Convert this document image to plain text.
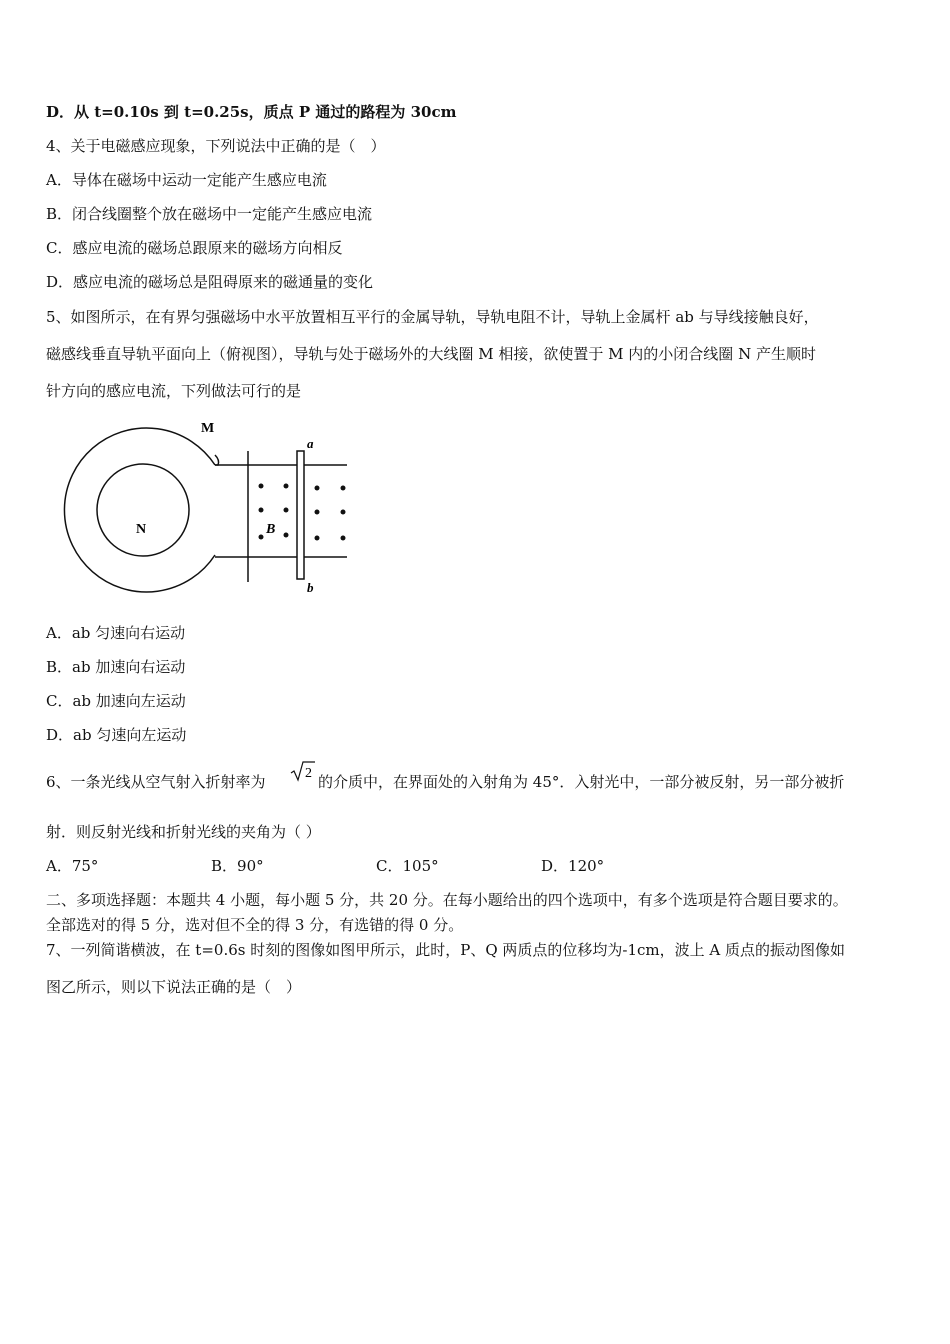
D．从 t=0.10s 到 t=0.25s，质点 P 通过的路程为 30cm
4、关于电磁感应现象，下列说法中正确的是（　）
A．导体在磁场中运动一定能产生感应电流
B．闭合线圈整个放在磁场中一定能产生感应电流
C．感应电流的磁场总跟原来的磁场方向相反
D．感应电流的磁场总是阻碍原来的磁通量的变化
5、如图所示，在有界匀强磁场中水平放置相互平行的金属导轨，导轨电阻不计，导轨上金属杆 ab 与导线接触良好，
磁感线垂直导轨平面向上（俯视图），导轨与处于磁场外的大线圈 M 相接，欲使置于 M 内的小闭合线圈 N 产生顺时
针方向的感应电流，下列做法可行的是
M
N	B
a
b
A．ab 匀速向右运动
B．ab 加速向右运动
C．ab 加速向左运动
D．ab 匀速向左运动
6、一条光线从空气射入折射率为	2 的介质中，在界面处的入射角为 45°．入射光中，一部分被反射，另一部分被折
射．则反射光线和折射光线的夹角为（ ）
A．75°	B．90°	C．105°	D．120°
二、多项选择题：本题共 4 小题，每小题 5 分，共 20 分。在每小题给出的四个选项中，有多个选项是符合题目要求的。
全部选对的得 5 分，选对但不全的得 3 分，有选错的得 0 分。
7、一列简谐横波，在 t=0.6s 时刻的图像如图甲所示，此时，P、Q 两质点的位移均为-1cm，波上 A 质点的振动图像如
图乙所示，则以下说法正确的是（　）
